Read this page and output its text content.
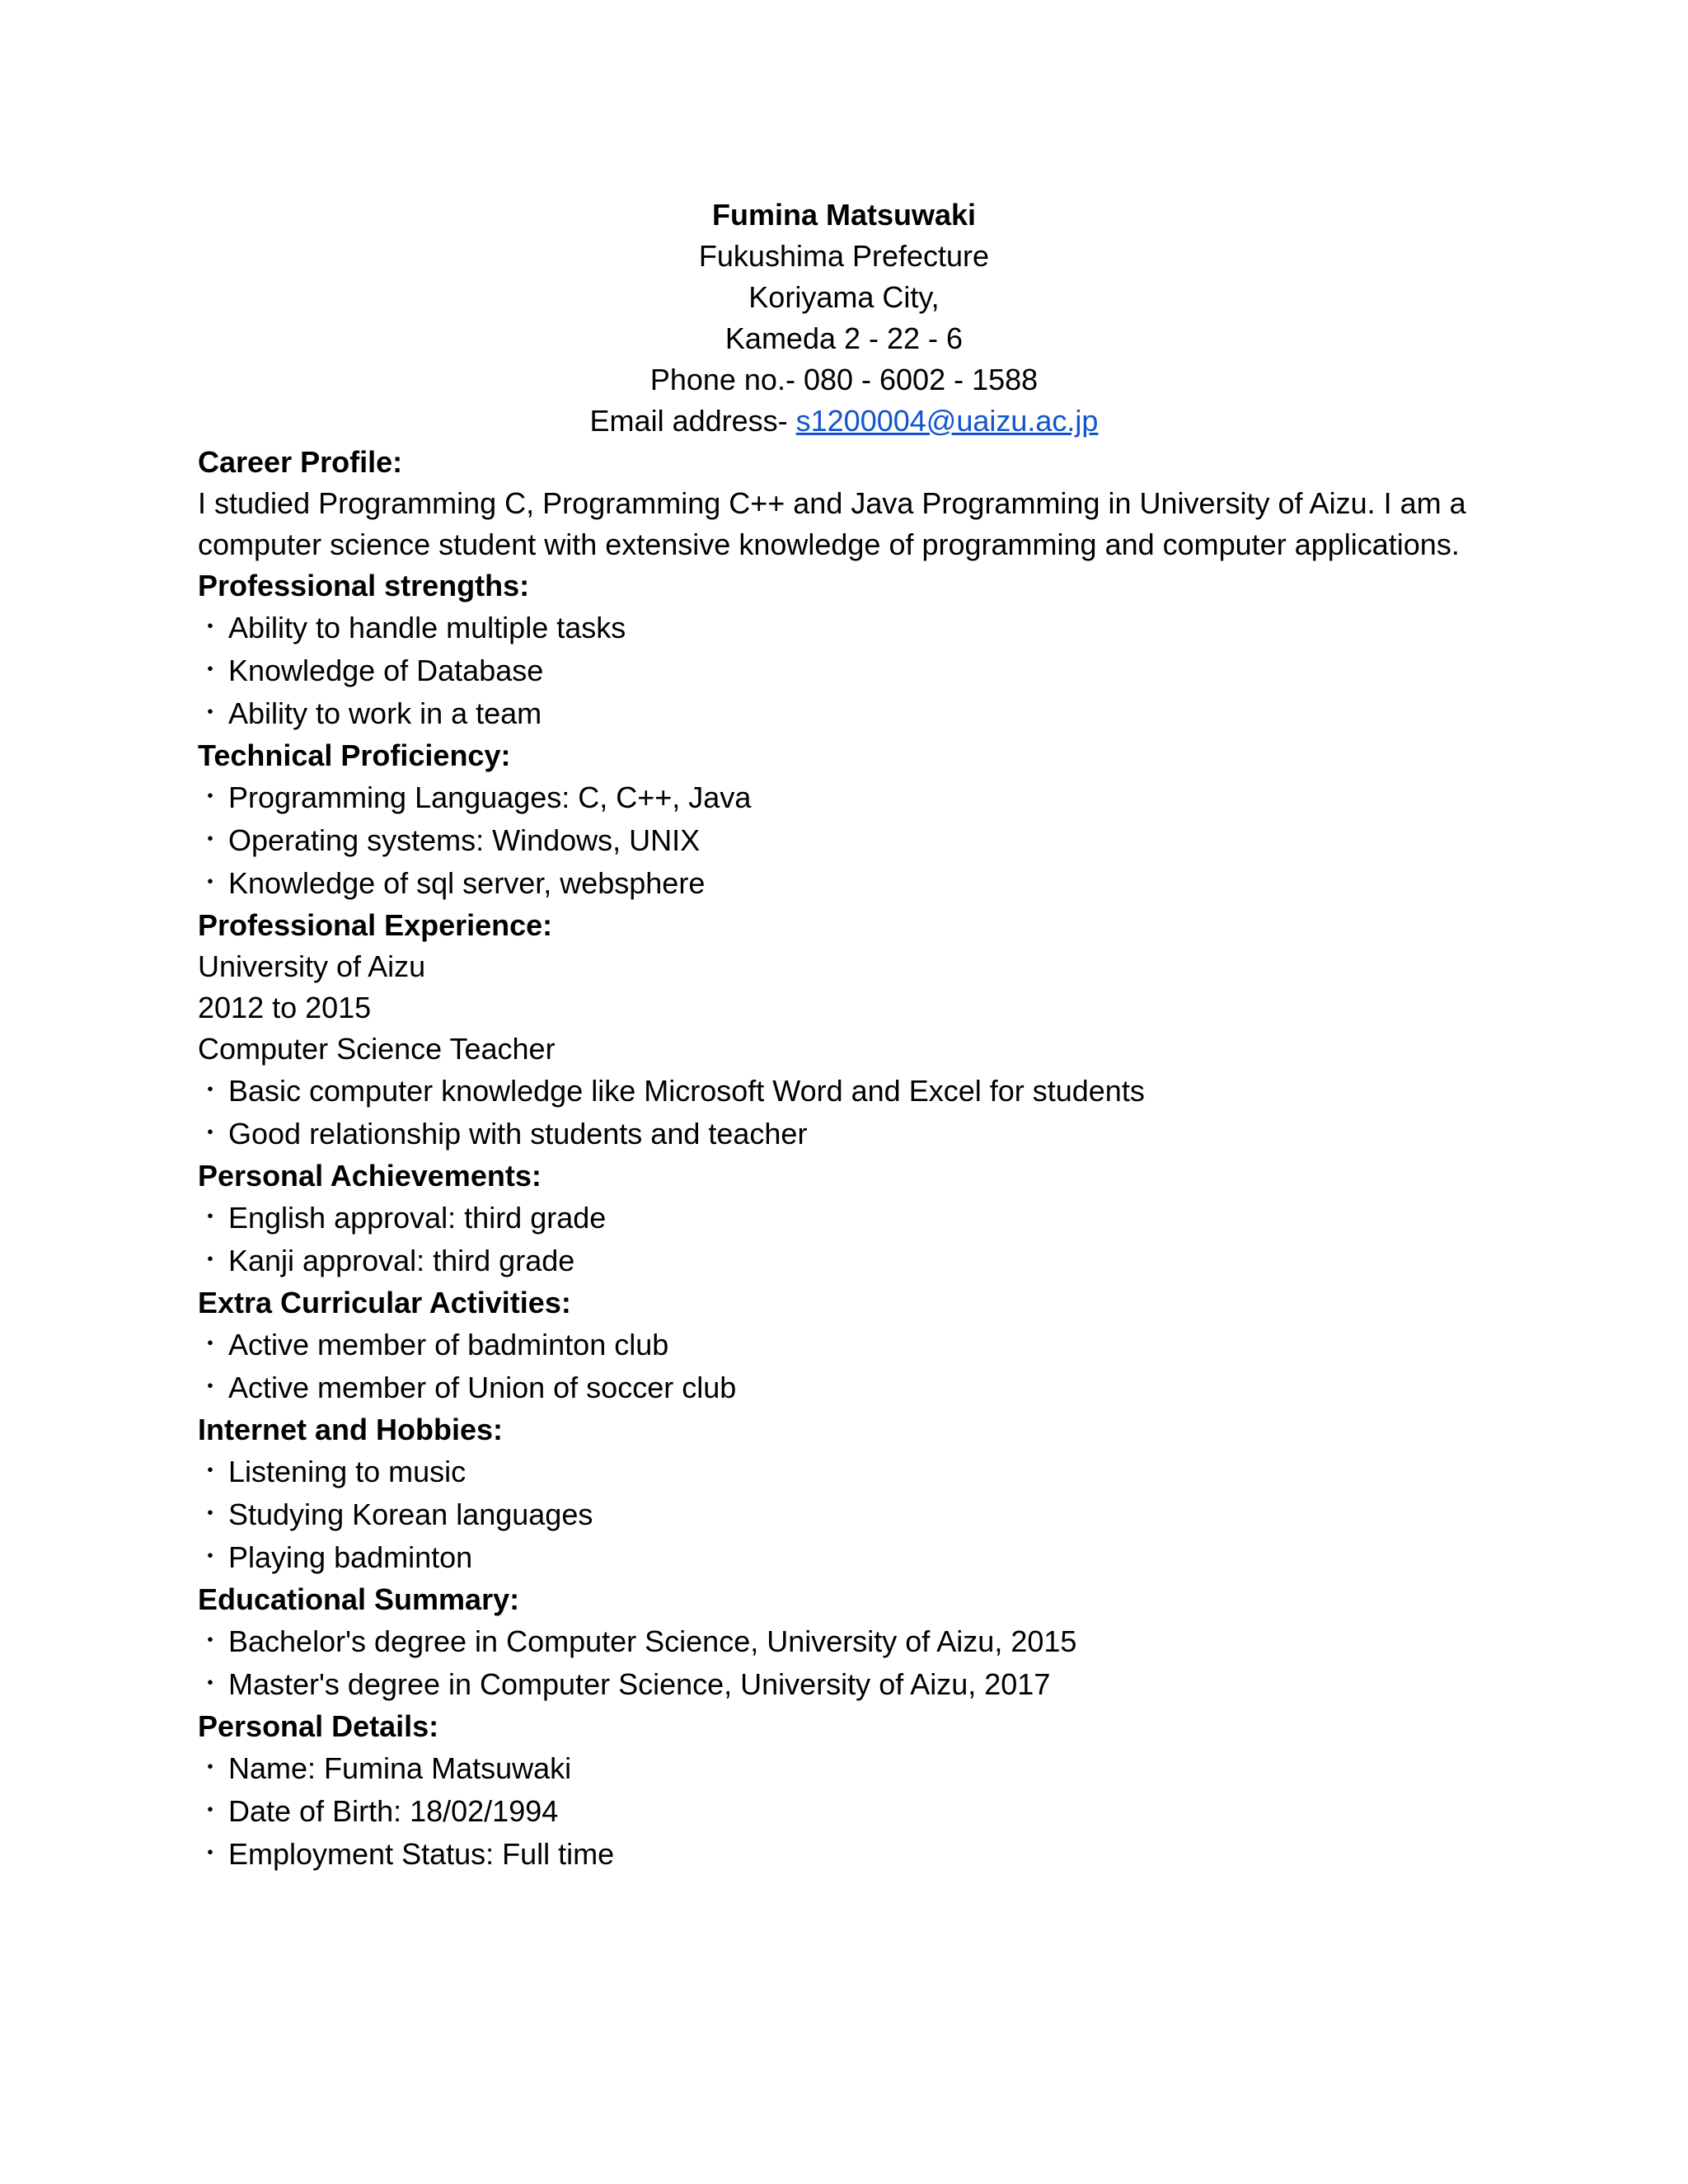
Fumina Matsuwaki
Fukushima Prefecture
Koriyama City,
Kameda 2 - 22 - 6
Phone no.- 080 - 6002 - 1588
Email address- s1200004@uaizu.ac.jp

Career Profile:

I studied Programming C, Programming C++ and Java Programming in University of Aizu. I am a computer science student with extensive knowledge of programming and computer applications.

Professional strengths:

・ Ability to handle multiple tasks
・ Knowledge of Database
・ Ability to work in a team

Technical Proficiency:

・ Programming Languages: C, C++, Java
・ Operating systems: Windows, UNIX
・ Knowledge of sql server, websphere

Professional Experience:

University of Aizu

2012 to 2015

Computer Science Teacher

・ Basic computer knowledge like Microsoft Word and Excel for students
・ Good relationship with students and teacher

Personal Achievements:

・ English approval: third grade
・ Kanji approval: third grade

Extra Curricular Activities:

・ Active member of badminton club
・ Active member of Union of soccer club

Internet and Hobbies:

・ Listening to music
・ Studying Korean languages
・ Playing badminton

Educational Summary:

・ Bachelor's degree in Computer Science, University of Aizu, 2015
・ Master's degree in Computer Science, University of Aizu, 2017

Personal Details:

・ Name: Fumina Matsuwaki
・ Date of Birth: 18/02/1994
・ Employment Status: Full time
